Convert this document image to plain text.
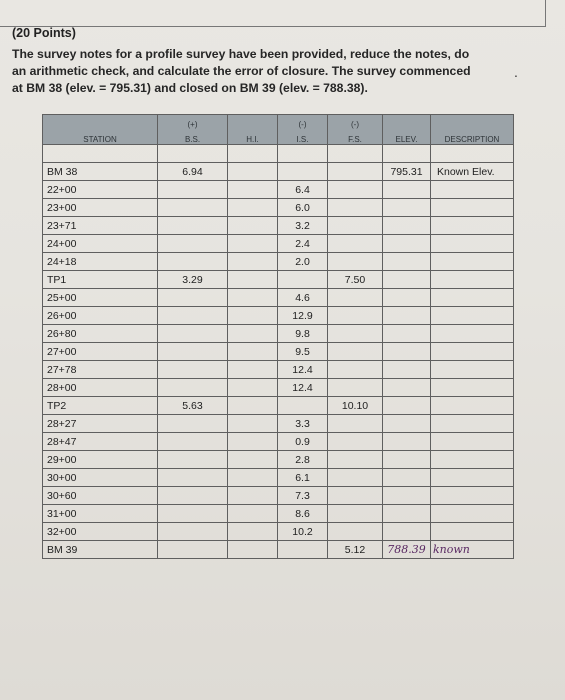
(20 Points)
The survey notes for a profile survey have been provided, reduce the notes, do
an arithmetic check, and calculate the error of closure. The survey commenced
at BM 38 (elev. = 795.31) and closed on BM 39 (elev. = 788.38).
.
	(+)		(-)	(-)		
STATION	B.S.	H.I.	I.S.	F.S.	ELEV.	DESCRIPTION

BM 38	6.94				795.31	Known Elev.
22+00			6.4			
23+00			6.0			
23+71			3.2			
24+00			2.4			
24+18			2.0			
TP1	3.29			7.50		
25+00			4.6			
26+00			12.9			
26+80			9.8			
27+00			9.5			
27+78			12.4			
28+00			12.4			
TP2	5.63			10.10		
28+27			3.3			
28+47			0.9			
29+00			2.8			
30+00			6.1			
30+60			7.3			
31+00			8.6			
32+00			10.2			
BM 39				5.12	788.39	known
